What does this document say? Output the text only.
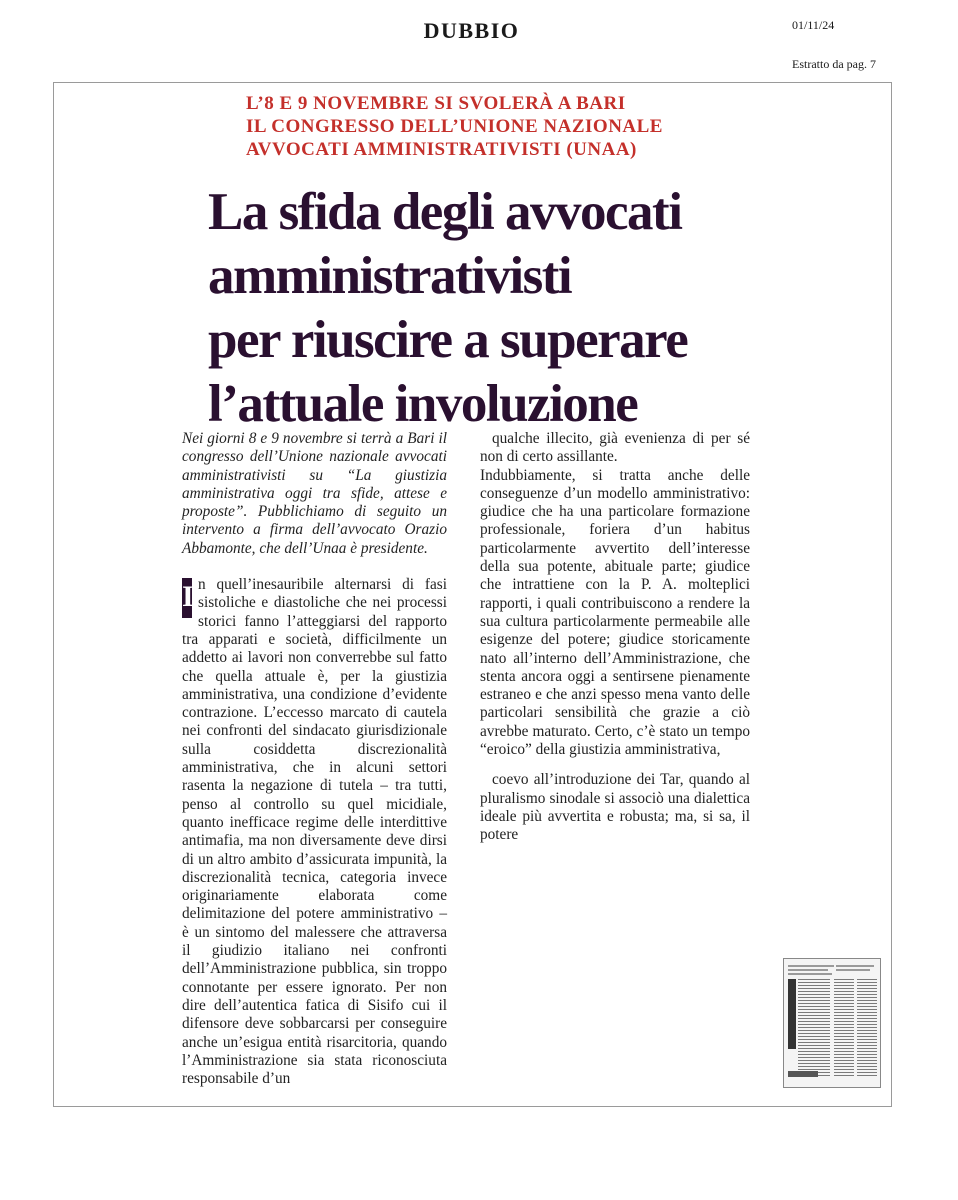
DUBBIO	01/11/24
Estratto da pag. 7
L’8 E 9 NOVEMBRE SI SVOLERÀ A BARI
IL CONGRESSO DELL’UNIONE NAZIONALE
AVVOCATI AMMINISTRATIVISTI (UNAA)
La sfida degli avvocati
amministrativisti
per riuscire a superare
l’attuale involuzione

Nei giorni 8 e 9 novembre si terrà a Bari il congresso dell’Unione nazionale avvocati amministrativisti su “La giustizia amministrativa oggi tra sfide, attese e proposte”. Pubblichiamo di seguito un intervento a firma dell’avvocato Orazio Abbamonte, che dell’Unaa è presidente.

I n quell’inesauribile alternarsi di fasi sistoliche e diastoliche che nei processi storici fanno l’atteggiarsi del rapporto tra apparati e società, difficilmente un addetto ai lavori non converrebbe sul fatto che quella attuale è, per la giustizia amministrativa, una condizione d’evidente contrazione. L’eccesso marcato di cautela nei confronti del sindacato giurisdizionale sulla cosiddetta discrezionalità amministrativa, che in alcuni settori rasenta la negazione di tutela – tra tutti, penso al controllo su quel micidiale, quanto inefficace regime delle interdittive antimafia, ma non diversamente deve dirsi di un altro ambito d’assicurata impunità, la discrezionalità tecnica, categoria invece originariamente elaborata come delimitazione del potere amministrativo – è un sintomo del malessere che attraversa il giudizio italiano nei confronti dell’Amministrazione pubblica, sin troppo connotante per essere ignorato. Per non dire dell’autentica fatica di Sisifo cui il difensore deve sobbarcarsi per conseguire anche un’esigua entità risarcitoria, quando l’Amministrazione sia stata riconosciuta responsabile d’un

qualche illecito, già evenienza di per sé non di certo assillante.

Indubbiamente, si tratta anche delle conseguenze d’un modello amministrativo: giudice che ha una particolare formazione professionale, foriera d’un habitus particolarmente avvertito dell’interesse della sua potente, abituale parte; giudice che intrattiene con la P. A. molteplici rapporti, i quali contribuiscono a rendere la sua cultura particolarmente permeabile alle esigenze del potere; giudice storicamente nato all’interno dell’Amministrazione, che stenta ancora oggi a sentirsene pienamente estraneo e che anzi spesso mena vanto delle particolari sensibilità che grazie a ciò avrebbe maturato. Certo, c’è stato un tempo “eroico” della giustizia amministrativa,

coevo all’introduzione dei Tar, quando al pluralismo sinodale si associò una dialettica ideale più avvertita e robusta; ma, si sa, il potere
